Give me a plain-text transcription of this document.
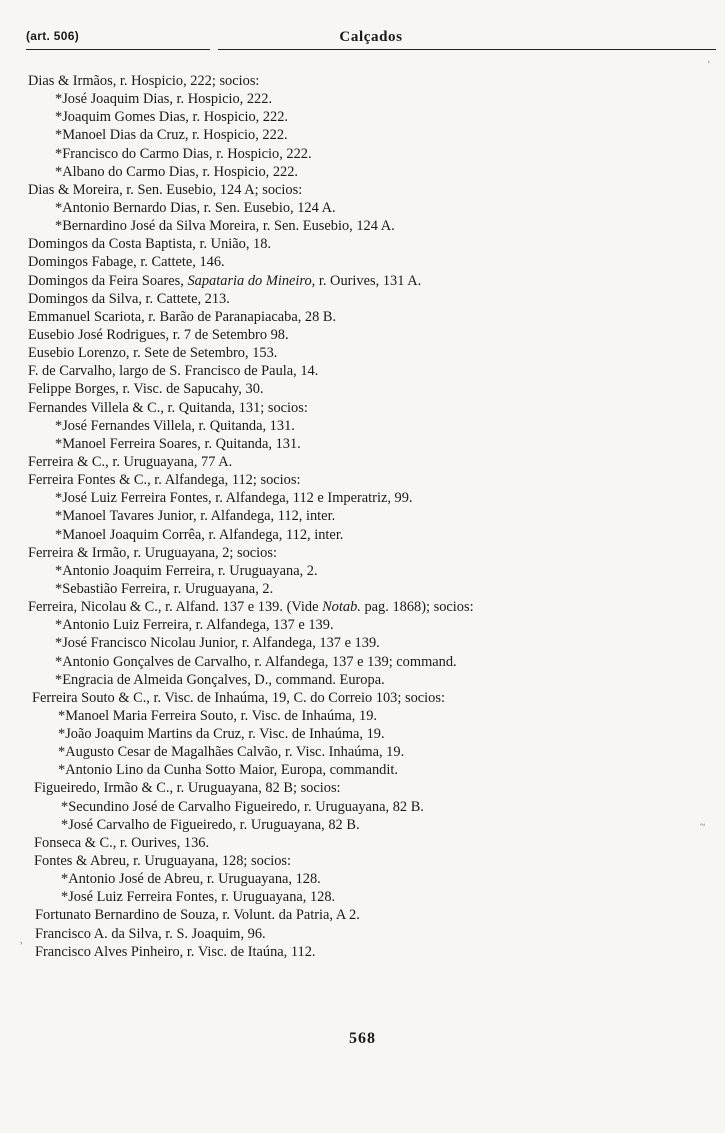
(art. 506)	Calçados
Dias & Irmãos, r. Hospicio, 222; socios:
*José Joaquim Dias, r. Hospicio, 222.
*Joaquim Gomes Dias, r. Hospicio, 222.
*Manoel Dias da Cruz, r. Hospicio, 222.
*Francisco do Carmo Dias, r. Hospicio, 222.
*Albano do Carmo Dias, r. Hospicio, 222.
Dias & Moreira, r. Sen. Eusebio, 124 A; socios:
*Antonio Bernardo Dias, r. Sen. Eusebio, 124 A.
*Bernardino José da Silva Moreira, r. Sen. Eusebio, 124 A.
Domingos da Costa Baptista, r. União, 18.
Domingos Fabage, r. Cattete, 146.
Domingos da Feira Soares, Sapataria do Mineiro, r. Ourives, 131 A.
Domingos da Silva, r. Cattete, 213.
Emmanuel Scariota, r. Barão de Paranapiacaba, 28 B.
Eusebio José Rodrigues, r. 7 de Setembro 98.
Eusebio Lorenzo, r. Sete de Setembro, 153.
F. de Carvalho, largo de S. Francisco de Paula, 14.
Felippe Borges, r. Visc. de Sapucahy, 30.
Fernandes Villela & C., r. Quitanda, 131; socios:
*José Fernandes Villela, r. Quitanda, 131.
*Manoel Ferreira Soares, r. Quitanda, 131.
Ferreira & C., r. Uruguayana, 77 A.
Ferreira Fontes & C., r. Alfandega, 112; socios:
*José Luiz Ferreira Fontes, r. Alfandega, 112 e Imperatriz, 99.
*Manoel Tavares Junior, r. Alfandega, 112, inter.
*Manoel Joaquim Corrêa, r. Alfandega, 112, inter.
Ferreira & Irmão, r. Uruguayana, 2; socios:
*Antonio Joaquim Ferreira, r. Uruguayana, 2.
*Sebastião Ferreira, r. Uruguayana, 2.
Ferreira, Nicolau & C., r. Alfand. 137 e 139. (Vide Notab. pag. 1868); socios:
*Antonio Luiz Ferreira, r. Alfandega, 137 e 139.
*José Francisco Nicolau Junior, r. Alfandega, 137 e 139.
*Antonio Gonçalves de Carvalho, r. Alfandega, 137 e 139; command.
*Engracia de Almeida Gonçalves, D., command. Europa.
Ferreira Souto & C., r. Visc. de Inhaúma, 19, C. do Correio 103; socios:
*Manoel Maria Ferreira Souto, r. Visc. de Inhaúma, 19.
*João Joaquim Martins da Cruz, r. Visc. de Inhaúma, 19.
*Augusto Cesar de Magalhães Calvão, r. Visc. Inhaúma, 19.
*Antonio Lino da Cunha Sotto Maior, Europa, commandit.
Figueiredo, Irmão & C., r. Uruguayana, 82 B; socios:
*Secundino José de Carvalho Figueiredo, r. Uruguayana, 82 B.
*José Carvalho de Figueiredo, r. Uruguayana, 82 B.
Fonseca & C., r. Ourives, 136.
Fontes & Abreu, r. Uruguayana, 128; socios:
*Antonio José de Abreu, r. Uruguayana, 128.
*José Luiz Ferreira Fontes, r. Uruguayana, 128.
Fortunato Bernardino de Souza, r. Volunt. da Patria, A 2.
Francisco A. da Silva, r. S. Joaquim, 96.
Francisco Alves Pinheiro, r. Visc. de Itaúna, 112.
568
'
,
~
